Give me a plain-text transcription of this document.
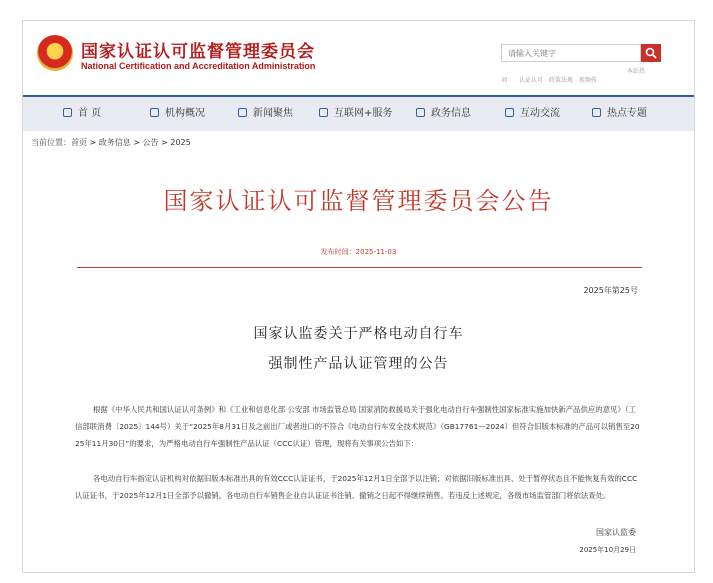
★ 国家认证认可监督管理委员会
National Certification and Accreditation Administration
请输入关键字
本站热
词： 认证认可 政策法规 视频传
首 页	机构概况	新闻聚焦	互联网+服务	政务信息	互动交流	热点专题
当前位置：首页 > 政务信息 > 公告 > 2025
国家认证认可监督管理委员会公告
发布时间：2025-11-03
2025年第25号
国家认监委关于严格电动自行车
强制性产品认证管理的公告
根据《中华人民共和国认证认可条例》和《工业和信息化部 公安部 市场监管总局 国家消防救援局关于强化电动自行车强制性国家标准实施加快新产品供应的意见》（工信部联消费〔2025〕144号）关于“2025年8月31日及之前出厂或者进口的不符合《电动自行车安全技术规范》（GB17761—2024）但符合旧版本标准的产品可以销售至2025年11月30日”的要求，为严格电动自行车强制性产品认证（CCC认证）管理，现将有关事项公告如下：
各电动自行车指定认证机构对依据旧版本标准出具的有效CCC认证证书，于2025年12月1日全部予以注销；对依据旧版标准出具、处于暂停状态且不能恢复有效的CCC认证证书，于2025年12月1日全部予以撤销。各电动自行车销售企业自认证证书注销、撤销之日起不得继续销售。若违反上述规定，各级市场监管部门将依法查处。
国家认监委
2025年10月29日
